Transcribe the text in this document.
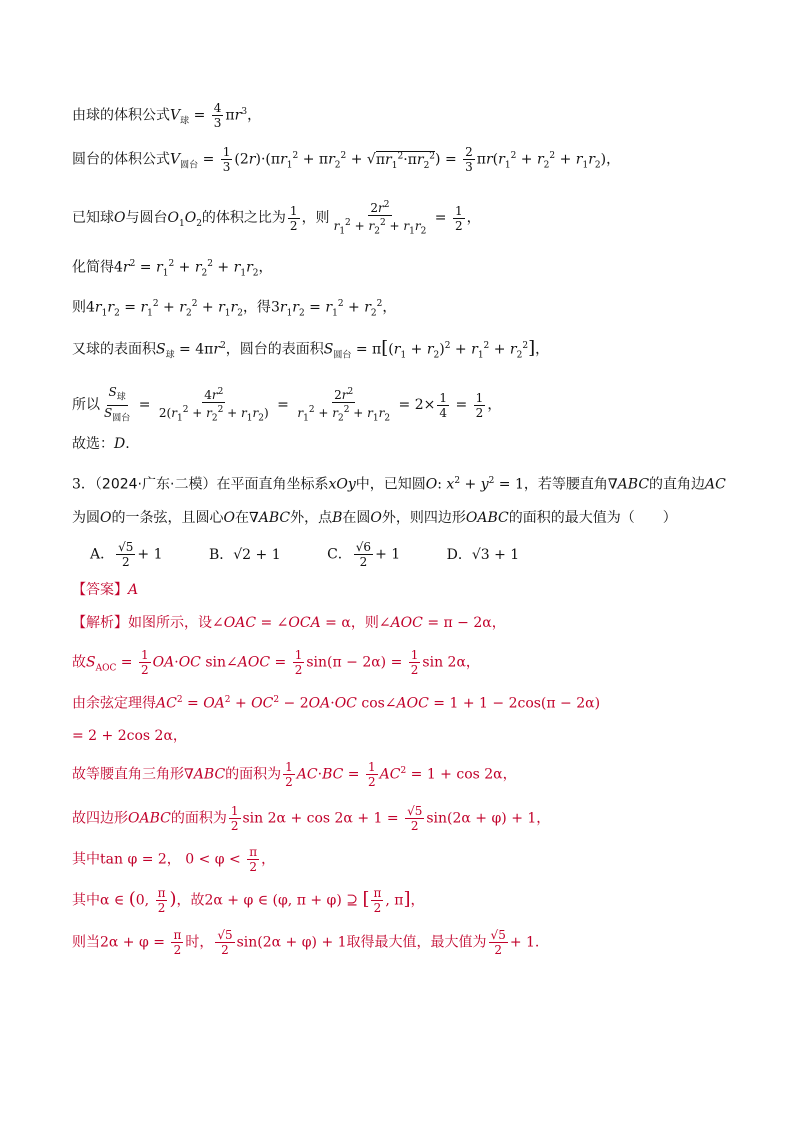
由球的体积公式$V_球 = \frac{4}{3} \pi r^3$，
圆台的体积公式$V_{圆台} = \frac{1}{3} (2r)\cdot(\pi r_1^2 + \pi r_2^2 + √\pi r_1^2\cdot\pi r_2^2) = \frac{2}{3} \pi r(r_1^2 + r_2^2 + r_1r_2)$，
已知球O与圆台$O_1O_2$的体积之比为 $\frac{1}{2}$ ，则 $\frac{2r^2}{r_1^2 + r_2^2 + r_1r_2} = \frac{1}{2}$ ，
化简得$4r^2 = r_1^2 + r_2^2 + r_1r_2$，
则$4r_1r_2 = r_1^2 + r_2^2 + r_1r_2$，得$3r_1r_2 = r_1^2 + r_2^2$，
又球的表面积$S_球 = 4\pi r^2$，圆台的表面积$S_{圆台} = \pi[(r_1 + r_2)^2 + r_1^2 + r_2^2]$，
所以 $\frac{S_球}{S_{圆台}} = \frac{4r^2}{2(r_1^2 + r_2^2 + r_1r_2)} = \frac{2r^2}{r_1^2 + r_2^2 + r_1r_2} = 2\times \frac{1}{4} = \frac{1}{2}$ ，
故选：D.
3．（2024·广东·二模）在平面直角坐标系xOy中，已知圆O: $x^2 + y^2 = 1$，若等腰直角∇ABC的直角边AC
为圆O的一条弦，且圆心O在∇ABC外，点B在圆O外，则四边形OABC的面积的最大值为（　　）
A． $\frac{√5}{2} + 1$	B．√2 + 1	C． $\frac{√6}{2} + 1$	D．√3 + 1
【答案】A
【解析】如图所示，设∠OAC = ∠OCA = α，则∠AOC = π − 2α，
故$S_{AOC} = \frac{1}{2} OA\cdot OC$ sin∠AOC = $\frac{1}{2} \sin(\pi - 2\alpha) = \frac{1}{2}$ sin 2α，
由余弦定理得$AC^2 = OA^2 + OC^2 - 2OA\cdot OC$ cos∠AOC = 1 + 1 − 2cos(π − 2α)
= 2 + 2cos 2α，
故等腰直角三角形∇ABC的面积为 $\frac{1}{2} AC\cdot BC = \frac{1}{2} AC^2 = 1 + \cos 2\alpha$，
故四边形OABC的面积为 $\frac{1}{2}$ $\sin 2\alpha + \cos 2\alpha + 1 = \frac{√5}{2} \sin(2\alpha + \varphi) + 1$，
其中tan φ = 2， $0 < \varphi < \frac{\pi}{2}$ ，
其中α ∈ (0, $\frac{\pi}{2}$ )，故2α + φ ∈ (φ, π + φ) ⊇ [ $\frac{\pi}{2}$ , π]，
则当$2\alpha + \varphi = \frac{\pi}{2}$ 时， $\frac{√5}{2} \sin(2\alpha + \varphi) + 1$取得最大值，最大值为 $\frac{√5}{2} + 1$.
